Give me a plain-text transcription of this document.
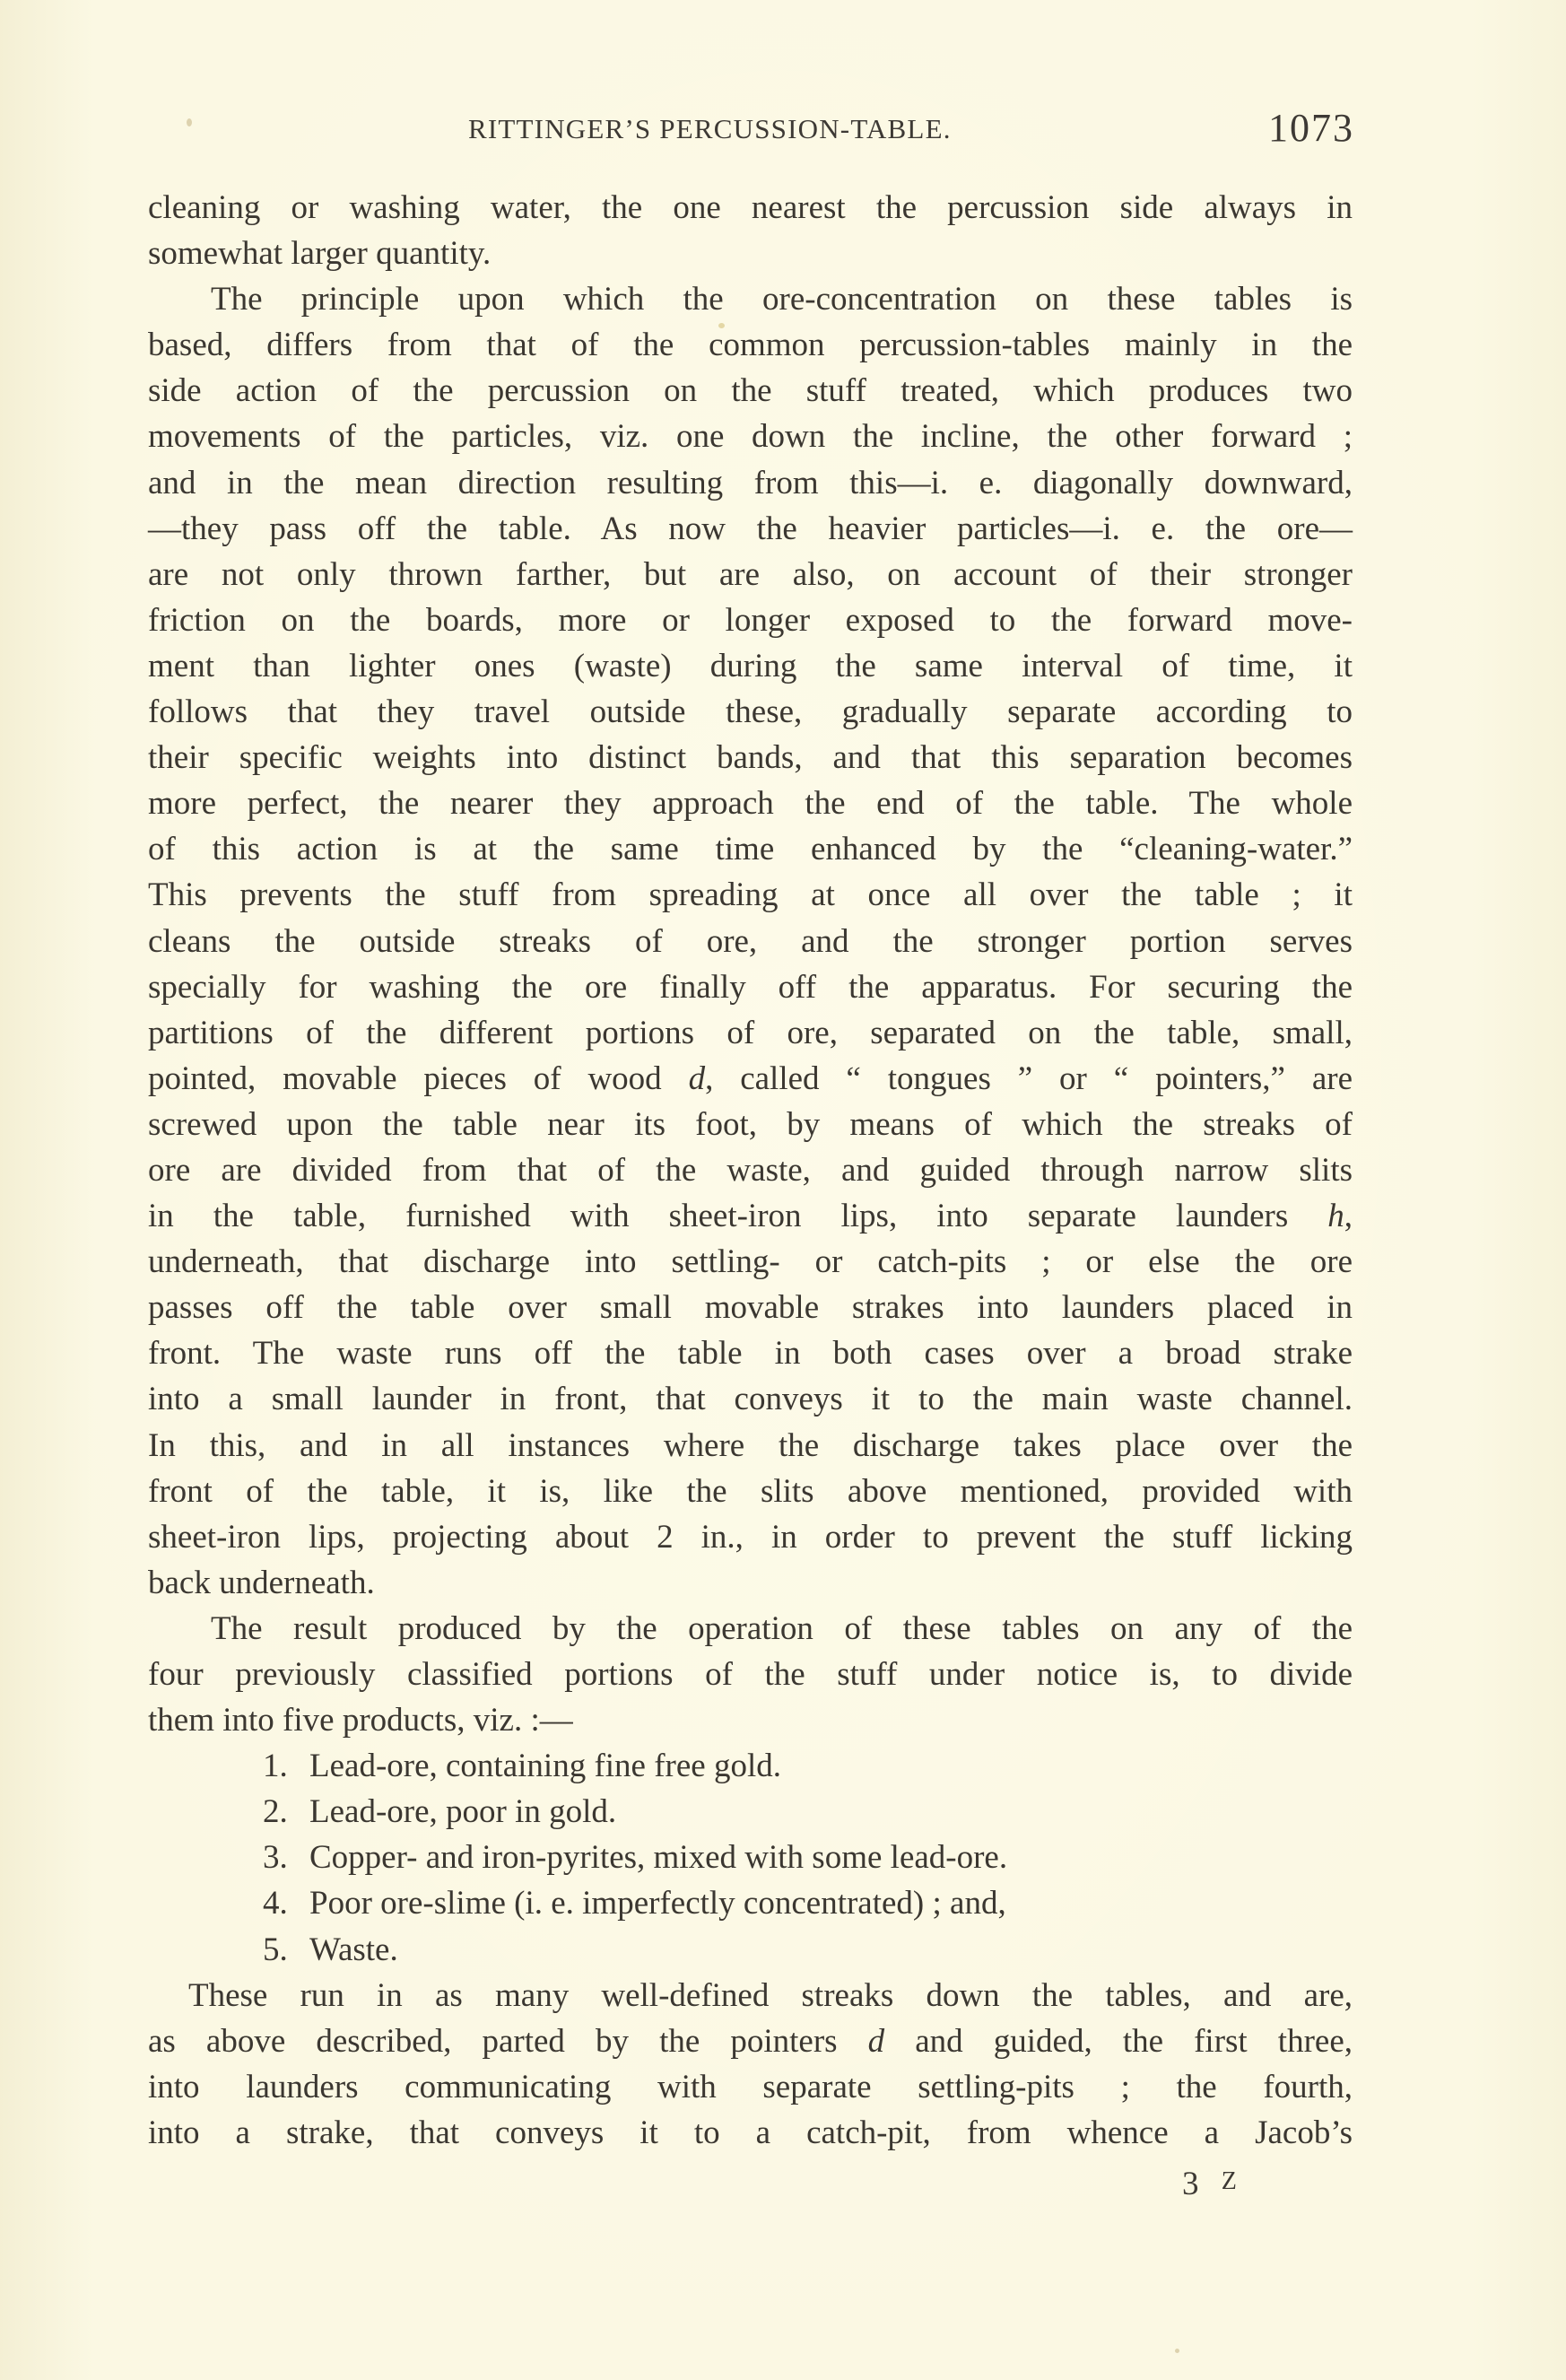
RITTINGER’S PERCUSSION-TABLE.	1073
cleaning or washing water, the one nearest the percussion side always in
somewhat larger quantity.
The principle upon which the ore-concentration on these tables is
based, differs from that of the common percussion-tables mainly in the
side action of the percussion on the stuff treated, which produces two
movements of the particles, viz. one down the incline, the other forward ;
and in the mean direction resulting from this—i. e. diagonally downward,
—they pass off the table. As now the heavier particles—i. e. the ore—
are not only thrown farther, but are also, on account of their stronger
friction on the boards, more or longer exposed to the forward move-
ment than lighter ones (waste) during the same interval of time, it
follows that they travel outside these, gradually separate according to
their specific weights into distinct bands, and that this separation becomes
more perfect, the nearer they approach the end of the table. The whole
of this action is at the same time enhanced by the “cleaning-water.”
This prevents the stuff from spreading at once all over the table ; it
cleans the outside streaks of ore, and the stronger portion serves
specially for washing the ore finally off the apparatus. For securing the
partitions of the different portions of ore, separated on the table, small,
pointed, movable pieces of wood d, called “ tongues ” or “ pointers,” are
screwed upon the table near its foot, by means of which the streaks of
ore are divided from that of the waste, and guided through narrow slits
in the table, furnished with sheet-iron lips, into separate launders h,
underneath, that discharge into settling- or catch-pits ; or else the ore
passes off the table over small movable strakes into launders placed in
front. The waste runs off the table in both cases over a broad strake
into a small launder in front, that conveys it to the main waste channel.
In this, and in all instances where the discharge takes place over the
front of the table, it is, like the slits above mentioned, provided with
sheet-iron lips, projecting about 2 in., in order to prevent the stuff licking
back underneath.
The result produced by the operation of these tables on any of the
four previously classified portions of the stuff under notice is, to divide
them into five products, viz. :—
1. Lead-ore, containing fine free gold.
2. Lead-ore, poor in gold.
3. Copper- and iron-pyrites, mixed with some lead-ore.
4. Poor ore-slime (i. e. imperfectly concentrated) ; and,
5. Waste.
These run in as many well-defined streaks down the tables, and are,
as above described, parted by the pointers d and guided, the first three,
into launders communicating with separate settling-pits ; the fourth,
into a strake, that conveys it to a catch-pit, from whence a Jacob’s
3 Z
